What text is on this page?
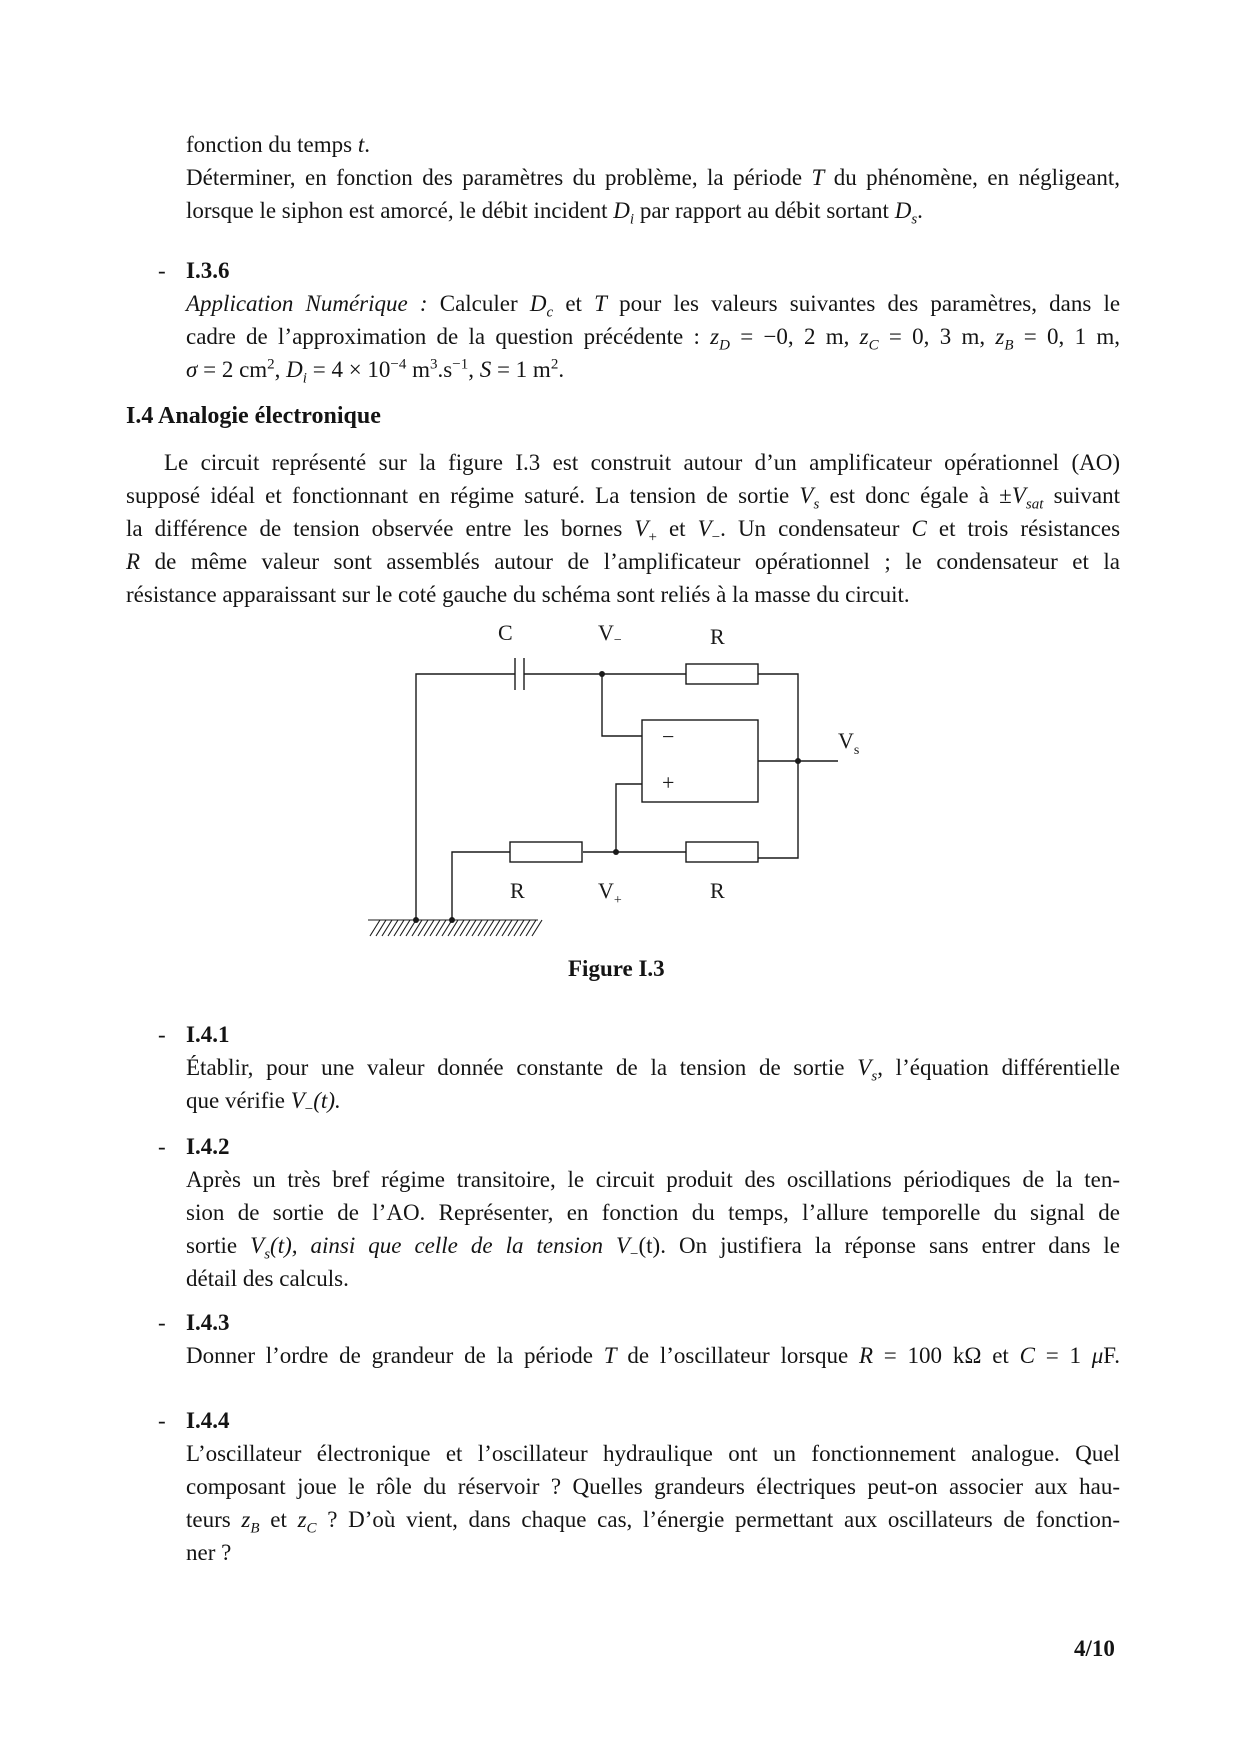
fonction du temps t.
Déterminer, en fonction des paramètres du problème, la période T du phénomène, en négligeant,
lorsque le siphon est amorcé, le débit incident $D_i$ par rapport au débit sortant $D_s$.
- I.3.6
Application Numérique : Calculer $D_c$ et T pour les valeurs suivantes des paramètres, dans le
cadre de l’approximation de la question précédente : $z_D = -0$, 2 m, $z_C = 0$, 3 m, $z_B = 0$, 1 m,
σ = 2 $cm^2$, $D_i = 4 \times 10^{-4}$ $m^3.s^{-1}$, S = 1 $m^2$.
I.4 Analogie électronique
Le circuit représenté sur la figure I.3 est construit autour d’un amplificateur opérationnel (AO)
supposé idéal et fonctionnant en régime saturé. La tension de sortie $V_s$ est donc égale à $\pm V_{sat}$ suivant
la différence de tension observée entre les bornes $V_+$ et $V_-$. Un condensateur C et trois résistances
R de même valeur sont assemblés autour de l’amplificateur opérationnel ; le condensateur et la
résistance apparaissant sur le coté gauche du schéma sont reliés à la masse du circuit.
C	V−	R
$V_s$
R	$V_+$	R
−
+
Figure I.3
- I.4.1
Établir, pour une valeur donnée constante de la tension de sortie $V_s$, l’équation différentielle
que vérifie $V_-(t)$.
- I.4.2
Après un très bref régime transitoire, le circuit produit des oscillations périodiques de la ten-
sion de sortie de l’AO. Représenter, en fonction du temps, l’allure temporelle du signal de
sortie $V_s(t)$, ainsi que celle de la tension $V_-(t)$. On justifiera la réponse sans entrer dans le
détail des calculs.
- I.4.3
Donner l’ordre de grandeur de la période T de l’oscillateur lorsque R = 100 kΩ et C = 1 μF.
- I.4.4
L’oscillateur électronique et l’oscillateur hydraulique ont un fonctionnement analogue. Quel
composant joue le rôle du réservoir ? Quelles grandeurs électriques peut-on associer aux hau-
teurs $z_B$ et $z_C$ ? D’où vient, dans chaque cas, l’énergie permettant aux oscillateurs de fonction-
ner ?
4/10
